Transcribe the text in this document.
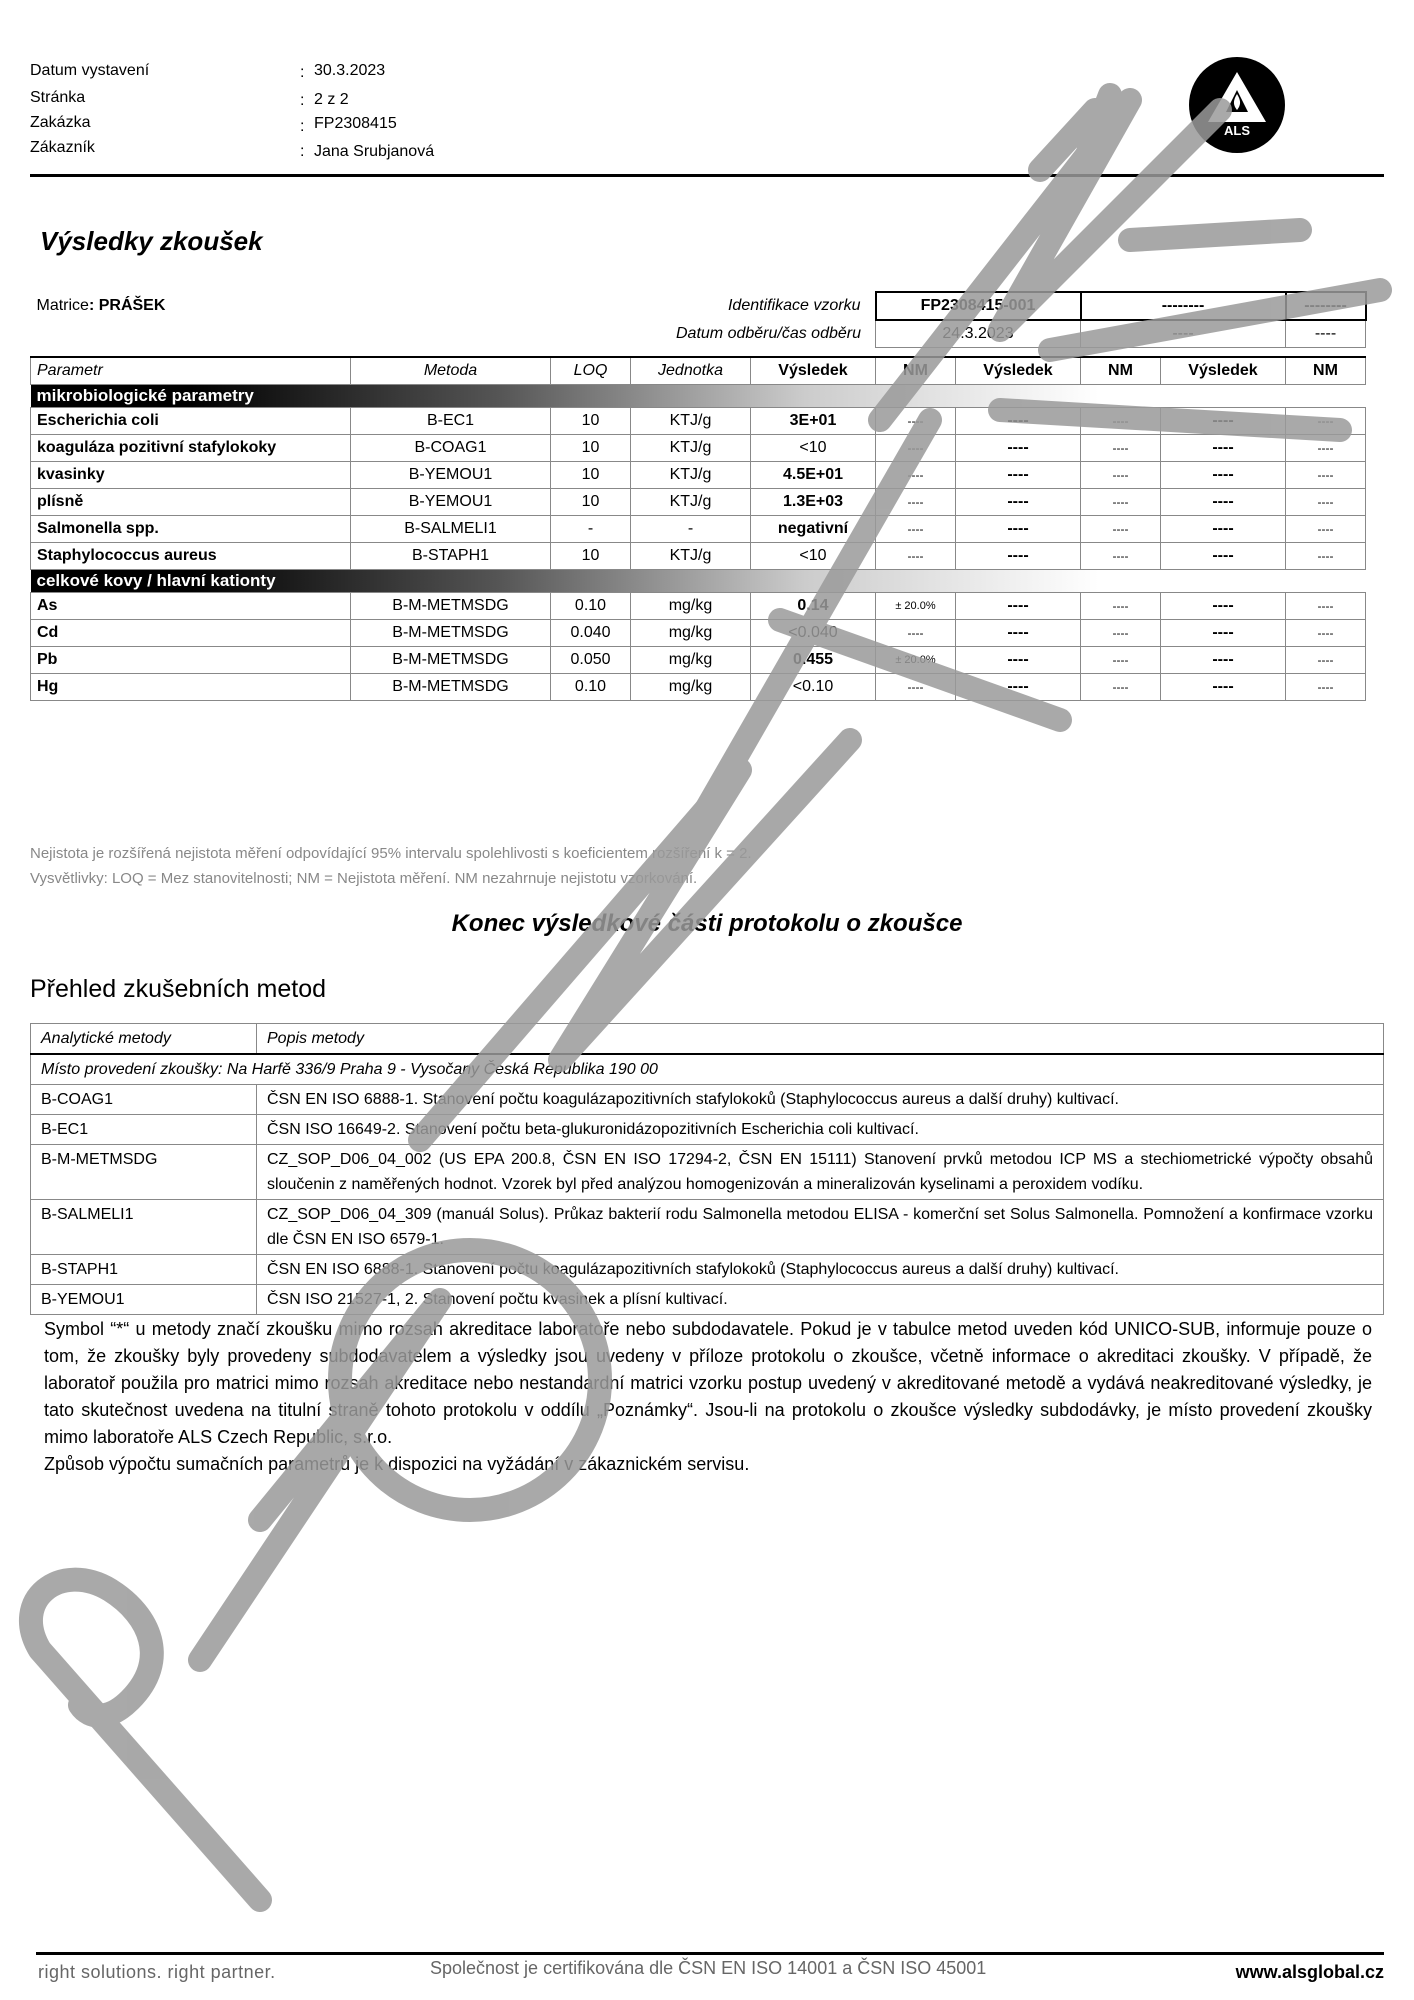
Datum vystavení	: 30.3.2023
Stránka	: 2 z 2
Zakázka	: FP2308415
Zákazník	: Jana Srubjanová
ALS
Výsledky zkoušek
Matrice: PRÁŠEK		Identifikace vzorku			FP2308415-001		--------		--------
		Datum odběru/čas odběru			24.3.2023		----		----

Parametr	Metoda	LOQ	Jednotka	Výsledek	NM	Výsledek	NM	Výsledek	NM
mikrobiologické parametry									
Escherichia coli	B-EC1	10	KTJ/g	3E+01	----	----	----	----	----
koaguláza pozitivní stafylokoky	B-COAG1	10	KTJ/g	<10	----	----	----	----	----
kvasinky	B-YEMOU1	10	KTJ/g	4.5E+01	----	----	----	----	----
plísně	B-YEMOU1	10	KTJ/g	1.3E+03	----	----	----	----	----
Salmonella spp.	B-SALMELI1	-	-	negativní	----	----	----	----	----
Staphylococcus aureus	B-STAPH1	10	KTJ/g	<10	----	----	----	----	----
celkové kovy / hlavní kationty									
As	B-M-METMSDG	0.10	mg/kg	0.14	± 20.0%	----	----	----	----
Cd	B-M-METMSDG	0.040	mg/kg	<0.040	----	----	----	----	----
Pb	B-M-METMSDG	0.050	mg/kg	0.455	± 20.0%	----	----	----	----
Hg	B-M-METMSDG	0.10	mg/kg	<0.10	----	----	----	----	----
Nejistota je rozšířená nejistota měření odpovídající 95% intervalu spolehlivosti s koeficientem rozšíření k = 2.
Vysvětlivky: LOQ = Mez stanovitelnosti; NM = Nejistota měření. NM nezahrnuje nejistotu vzorkování.
Konec výsledkové části protokolu o zkoušce
Přehled zkušebních metod
Analytické metody	Popis metody
Místo provedení zkoušky: Na Harfě 336/9 Praha 9 - Vysočany Česká Republika 190 00	
B-COAG1	ČSN EN ISO 6888-1. Stanovení počtu koagulázapozitivních stafylokoků (Staphylococcus aureus a další druhy) kultivací.
B-EC1	ČSN ISO 16649-2. Stanovení počtu beta-glukuronidázopozitivních Escherichia coli kultivací.
B-M-METMSDG	CZ_SOP_D06_04_002 (US EPA 200.8, ČSN EN ISO 17294-2, ČSN EN 15111) Stanovení prvků metodou ICP MS a stechiometrické výpočty obsahů sloučenin z naměřených hodnot. Vzorek byl před analýzou homogenizován a mineralizován kyselinami a peroxidem vodíku.
B-SALMELI1	CZ_SOP_D06_04_309 (manuál Solus). Průkaz bakterií rodu Salmonella metodou ELISA - komerční set Solus Salmonella. Pomnožení a konfirmace vzorku dle ČSN EN ISO 6579-1.
B-STAPH1	ČSN EN ISO 6888-1. Stanovení počtu koagulázapozitivních stafylokoků (Staphylococcus aureus a další druhy) kultivací.
B-YEMOU1	ČSN ISO 21527-1, 2. Stanovení počtu kvasinek a plísní kultivací.

Symbol “*“ u metody značí zkoušku mimo rozsah akreditace laboratoře nebo subdodavatele. Pokud je v tabulce metod uveden kód UNICO-SUB, informuje pouze o tom, že zkoušky byly provedeny subdodavatelem a výsledky jsou uvedeny v příloze protokolu o zkoušce, včetně informace o akreditaci zkoušky. V případě, že laboratoř použila pro matrici mimo rozsah akreditace nebo nestandardní matrici vzorku postup uvedený v akreditované metodě a vydává neakreditované výsledky, je tato skutečnost uvedena na titulní straně tohoto protokolu v oddílu „Poznámky“. Jsou-li na protokolu o zkoušce výsledky subdodávky, je místo provedení zkoušky mimo laboratoře ALS Czech Republic, s.r.o.

Způsob výpočtu sumačních parametrů je k dispozici na vyžádání v zákaznickém servisu.

right solutions. right partner.	Společnost je certifikována dle ČSN EN ISO 14001 a ČSN ISO 45001	www.alsglobal.cz
